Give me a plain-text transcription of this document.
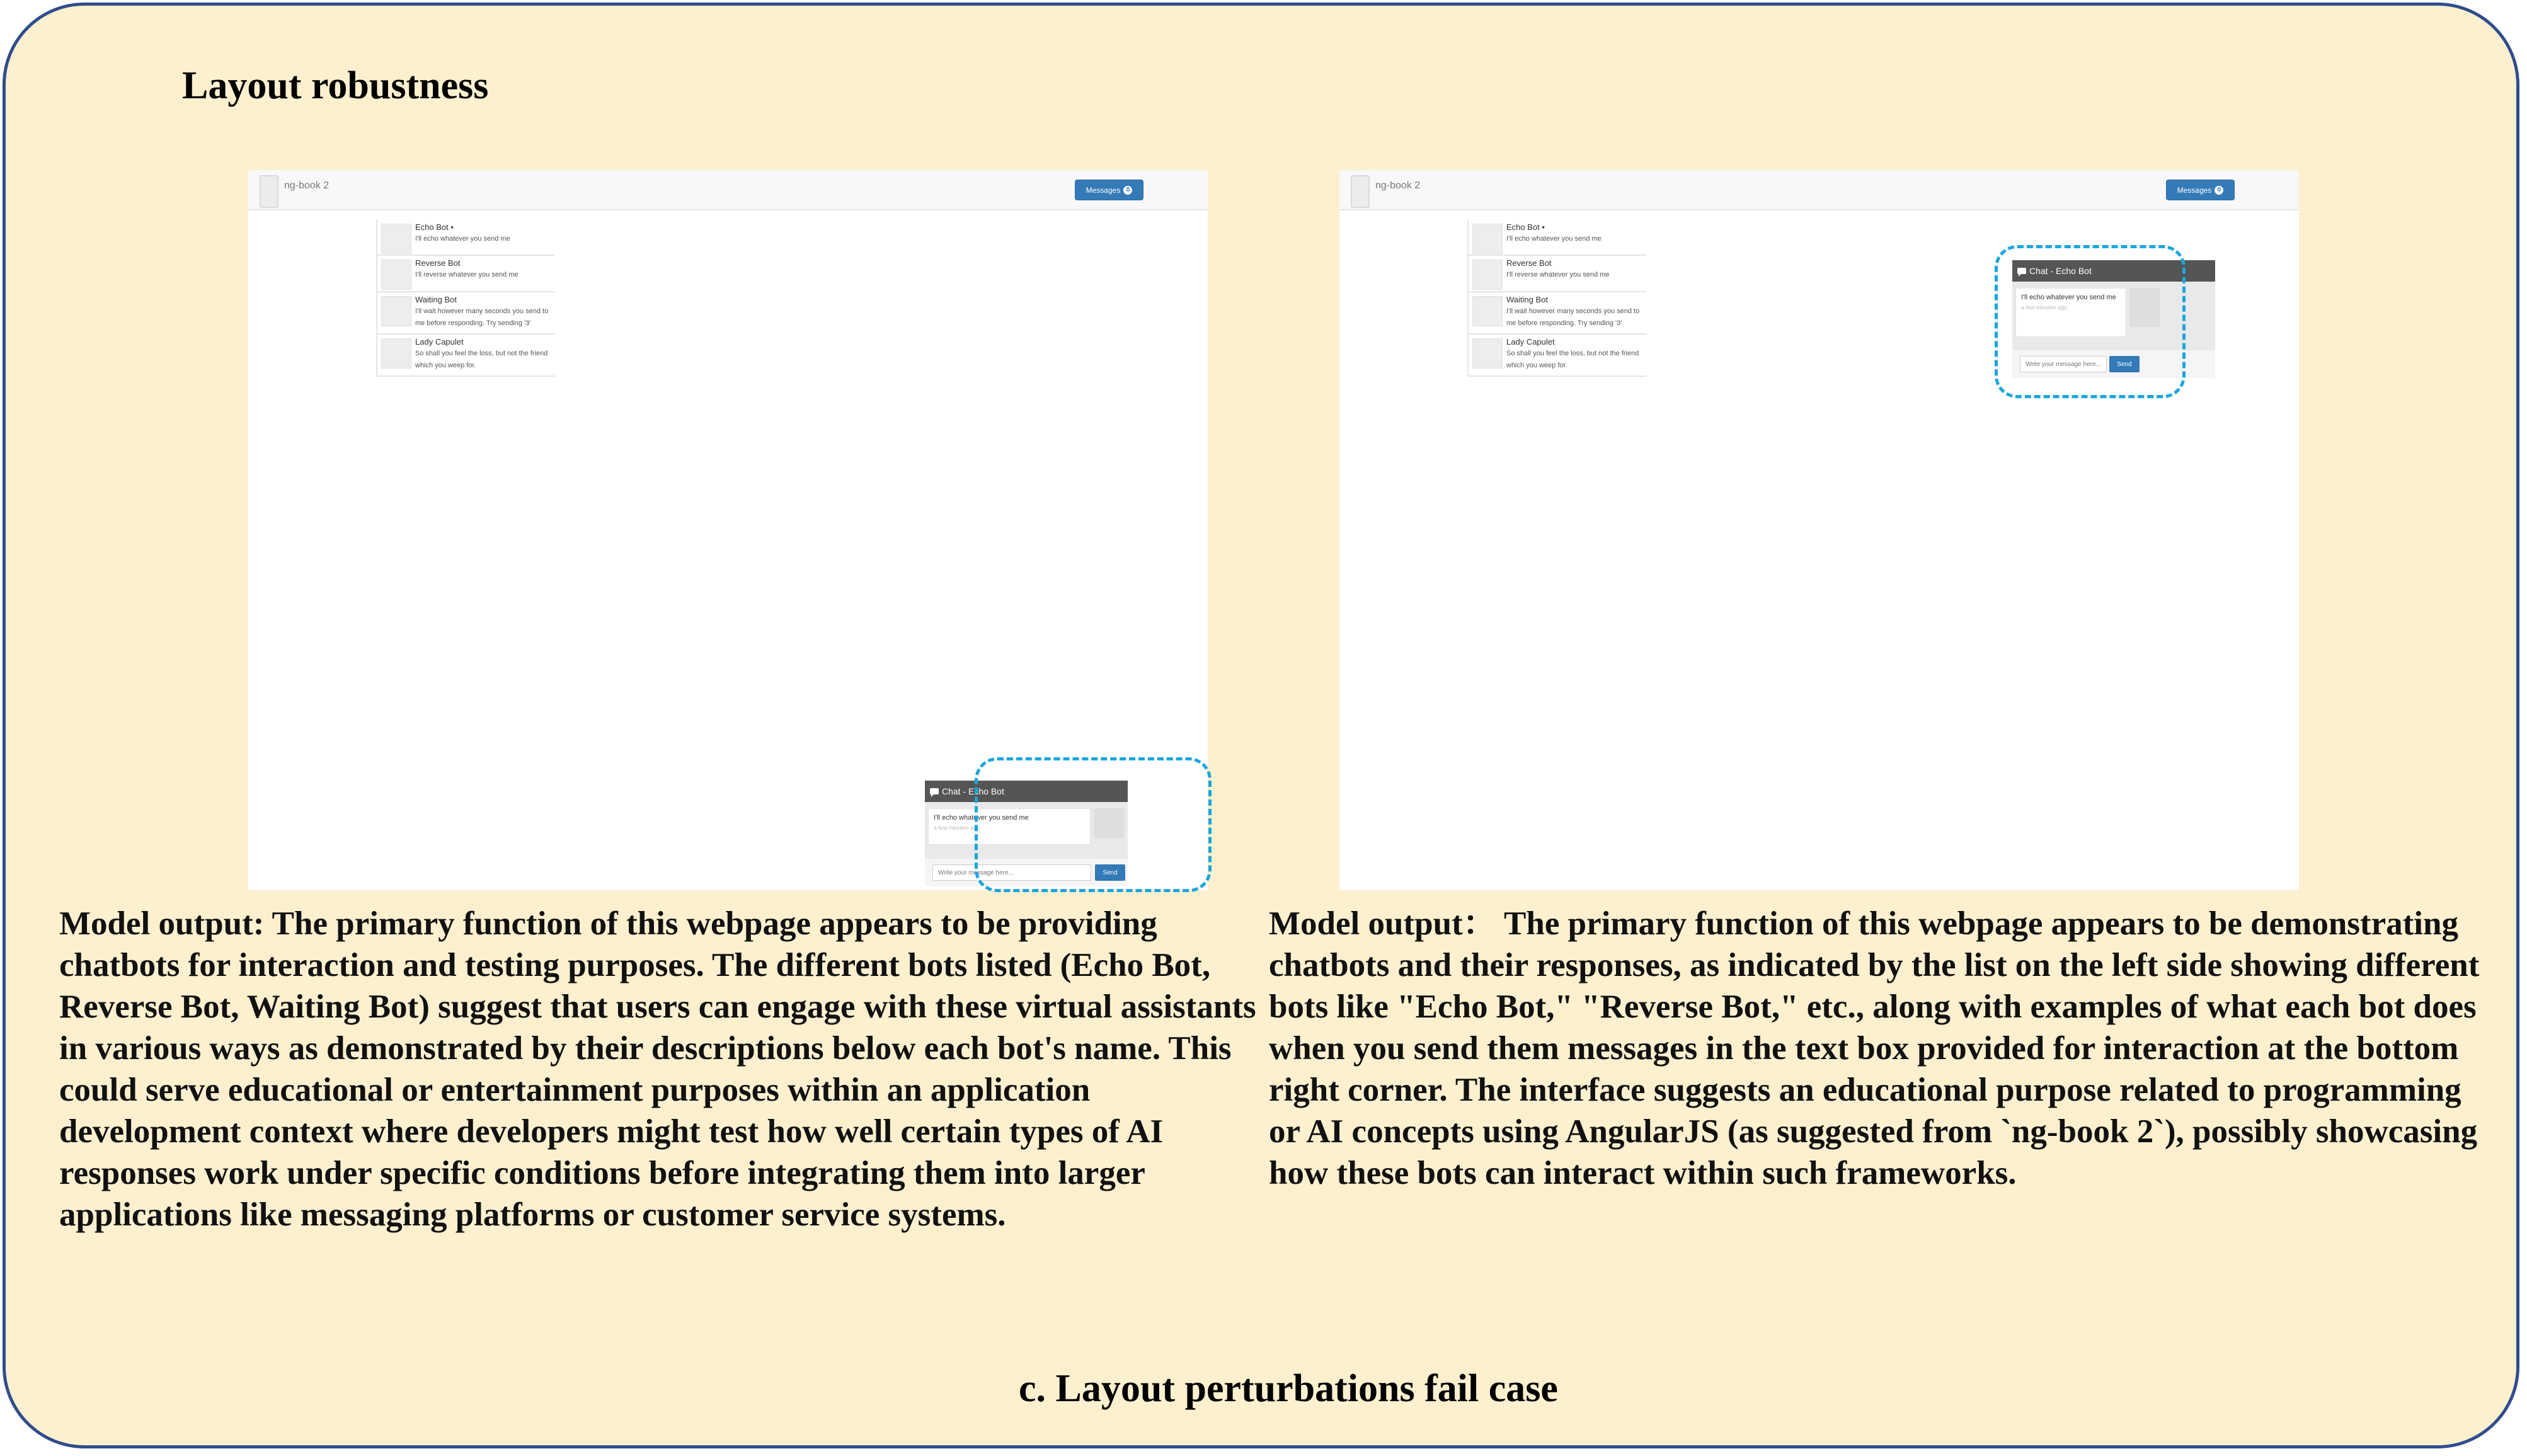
Layout robustness
ng-book 2	Messages 0
Echo Bot •
I'll echo whatever you send me
Reverse Bot
I'll reverse whatever you send me
Waiting Bot
I'll wait however many seconds you send to me before responding. Try sending '3'
Lady Capulet
So shall you feel the loss, but not the friend which you weep for.
Chat - Echo Bot
I'll echo whatever you send me
a few minutes ago
Write your message here...
Send
ng-book 2	Messages 0
Echo Bot •
I'll echo whatever you send me
Reverse Bot
I'll reverse whatever you send me
Waiting Bot
I'll wait however many seconds you send to me before responding. Try sending '3'
Lady Capulet
So shall you feel the loss, but not the friend which you weep for.
Chat - Echo Bot
I'll echo whatever you send me
a few minutes ago
Write your message here...
Send
Model output: The primary function of this webpage appears to be providing chatbots for interaction and testing purposes. The different bots listed (Echo Bot, Reverse Bot, Waiting Bot) suggest that users can engage with these virtual assistants in various ways as demonstrated by their descriptions below each bot's name. This could serve educational or entertainment purposes within an application development context where developers might test how well certain types of AI responses work under specific conditions before integrating them into larger applications like messaging platforms or customer service systems.
Model output： The primary function of this webpage appears to be demonstrating chatbots and their responses, as indicated by the list on the left side showing different bots like "Echo Bot," "Reverse Bot," etc., along with examples of what each bot does when you send them messages in the text box provided for interaction at the bottom right corner. The interface suggests an educational purpose related to programming or AI concepts using AngularJS (as suggested from `ng-book 2`), possibly showcasing how these bots can interact within such frameworks.
c. Layout perturbations fail case
